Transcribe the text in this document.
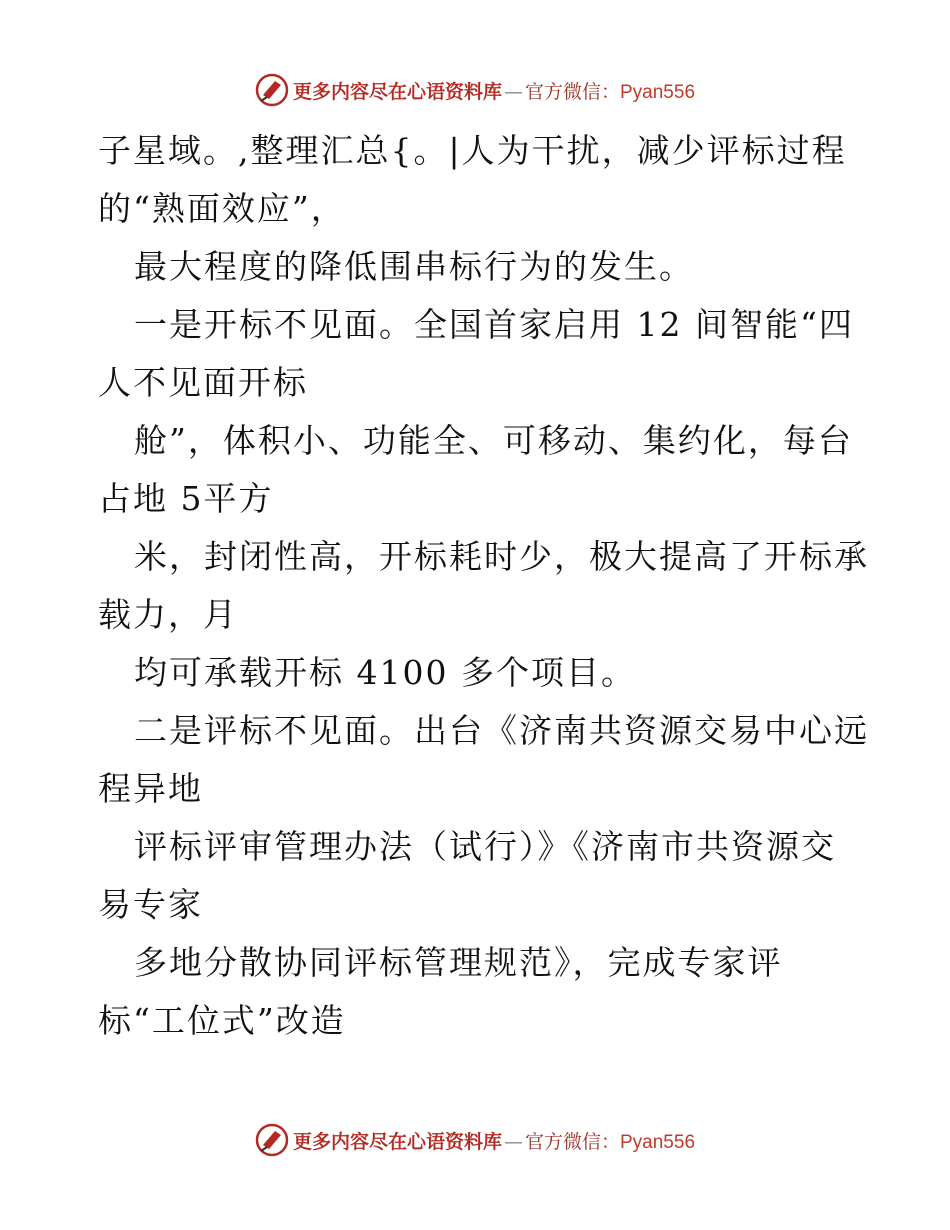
更多内容尽在心语资料库 — 官方微信：Pyan556
子星域。,整理汇总{。|人为干扰，减少评标过程
的“熟面效应”，
最大程度的降低围串标行为的发生。
一是开标不见面。全国首家启用 12 间智能“四
人不见面开标
舱”，体积小、功能全、可移动、集约化，每台
占地 5平方
米，封闭性高，开标耗时少，极大提高了开标承
载力，月
均可承载开标 4100 多个项目。
二是评标不见面。出台《济南共资源交易中心远
程异地
评标评审管理办法（试行）》《济南市共资源交
易专家
多地分散协同评标管理规范》，完成专家评
标“工位式”改造
更多内容尽在心语资料库 — 官方微信：Pyan556
